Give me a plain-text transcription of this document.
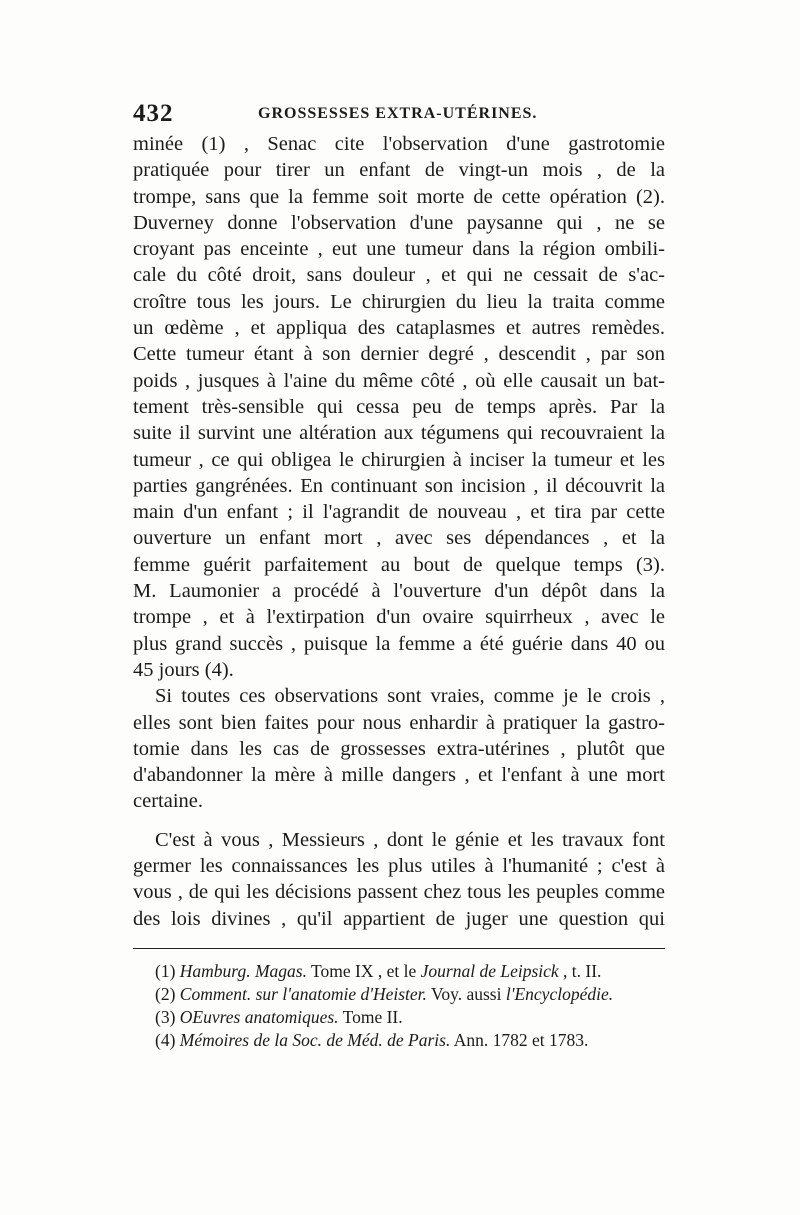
432	GROSSESSES EXTRA-UTÉRINES.
minée (1) , Senac cite l'observation d'une gastrotomie
pratiquée pour tirer un enfant de vingt-un mois , de la
trompe, sans que la femme soit morte de cette opération (2).
Duverney donne l'observation d'une paysanne qui , ne se
croyant pas enceinte , eut une tumeur dans la région ombili-
cale du côté droit, sans douleur , et qui ne cessait de s'ac-
croître tous les jours. Le chirurgien du lieu la traita comme
un œdème , et appliqua des cataplasmes et autres remèdes.
Cette tumeur étant à son dernier degré , descendit , par son
poids , jusques à l'aine du même côté , où elle causait un bat-
tement très-sensible qui cessa peu de temps après. Par la
suite il survint une altération aux tégumens qui recouvraient la
tumeur , ce qui obligea le chirurgien à inciser la tumeur et les
parties gangrénées. En continuant son incision , il découvrit la
main d'un enfant ; il l'agrandit de nouveau , et tira par cette
ouverture un enfant mort , avec ses dépendances , et la
femme guérit parfaitement au bout de quelque temps (3).
M. Laumonier a procédé à l'ouverture d'un dépôt dans la
trompe , et à l'extirpation d'un ovaire squirrheux , avec le
plus grand succès , puisque la femme a été guérie dans 40 ou
45 jours (4).
Si toutes ces observations sont vraies, comme je le crois ,
elles sont bien faites pour nous enhardir à pratiquer la gastro-
tomie dans les cas de grossesses extra-utérines , plutôt que
d'abandonner la mère à mille dangers , et l'enfant à une mort
certaine.
C'est à vous , Messieurs , dont le génie et les travaux font
germer les connaissances les plus utiles à l'humanité ; c'est à
vous , de qui les décisions passent chez tous les peuples comme
des lois divines , qu'il appartient de juger une question qui
(1) Hamburg. Magas. Tome IX , et le Journal de Leipsick , t. II.
(2) Comment. sur l'anatomie d'Heister. Voy. aussi l'Encyclopédie.
(3) OEuvres anatomiques. Tome II.
(4) Mémoires de la Soc. de Méd. de Paris. Ann. 1782 et 1783.
